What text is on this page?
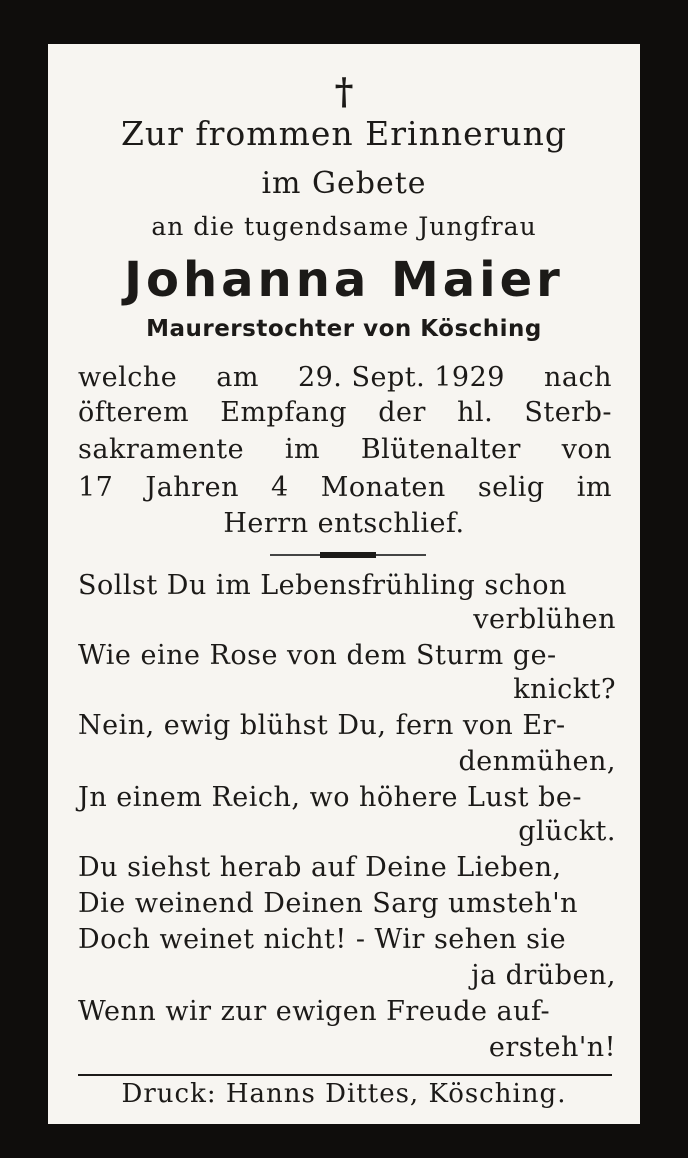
†
Zur frommen Erinnerung
im Gebete
an die tugendsame Jungfrau
Johanna Maier
Maurerstochter von Kösching
welche am 29. Sept. 1929 nach
öfterem Empfang der hl. Sterb-
sakramente im Blütenalter von
17 Jahren 4 Monaten selig im
Herrn entschlief.
Sollst Du im Lebensfrühling schon
verblühen
Wie eine Rose von dem Sturm ge-
knickt?
Nein, ewig blühst Du, fern von Er-
denmühen,
Jn einem Reich, wo höhere Lust be-
glückt.
Du siehst herab auf Deine Lieben,
Die weinend Deinen Sarg umsteh'n
Doch weinet nicht! - Wir sehen sie
ja drüben,
Wenn wir zur ewigen Freude auf-
ersteh'n!
Druck: Hanns Dittes, Kösching.
